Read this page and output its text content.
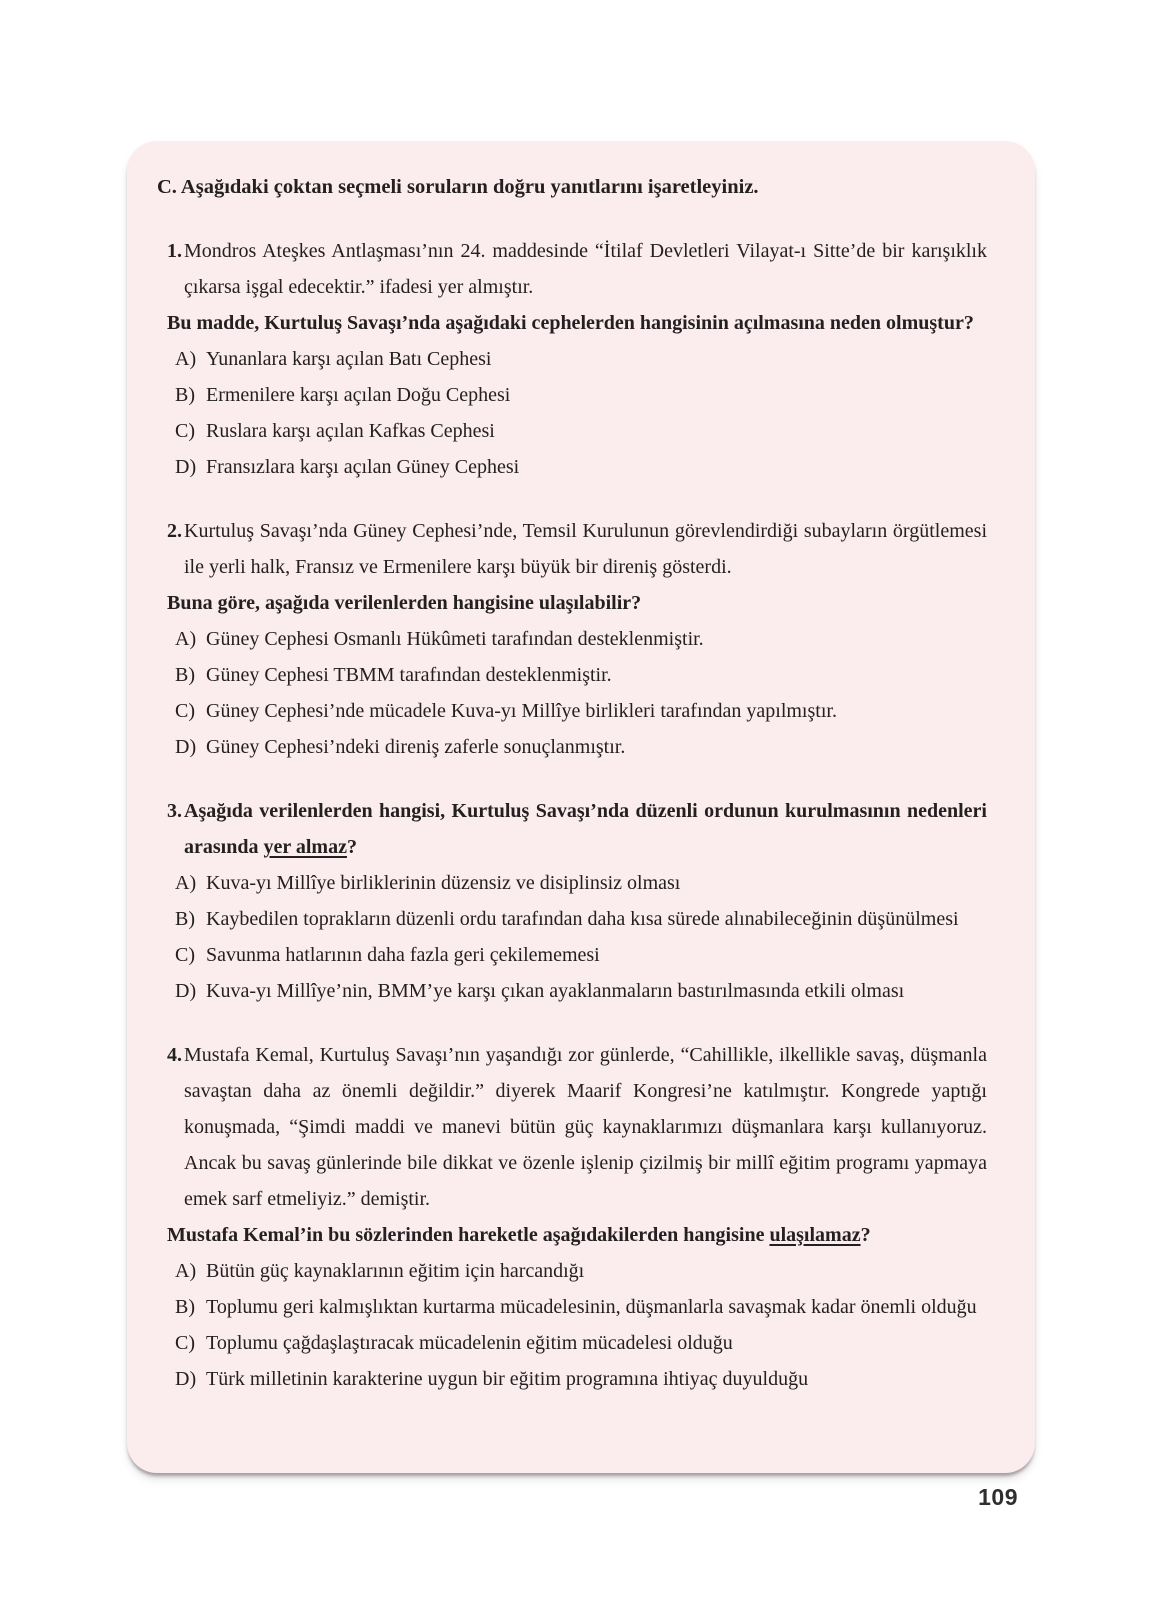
C. Aşağıdaki çoktan seçmeli soruların doğru yanıtlarını işaretleyiniz.

1. Mondros Ateşkes Antlaşması’nın 24. maddesinde “İtilaf Devletleri Vilayat-ı Sitte’de bir karışıklık çıkarsa işgal edecektir.” ifadesi yer almıştır.

Bu madde, Kurtuluş Savaşı’nda aşağıdaki cephelerden hangisinin açılmasına neden olmuştur?

A) Yunanlara karşı açılan Batı Cephesi
B) Ermenilere karşı açılan Doğu Cephesi
C) Ruslara karşı açılan Kafkas Cephesi
D) Fransızlara karşı açılan Güney Cephesi

2. Kurtuluş Savaşı’nda Güney Cephesi’nde, Temsil Kurulunun görevlendirdiği subayların örgütlemesi ile yerli halk, Fransız ve Ermenilere karşı büyük bir direniş gösterdi.

Buna göre, aşağıda verilenlerden hangisine ulaşılabilir?

A) Güney Cephesi Osmanlı Hükûmeti tarafından desteklenmiştir.
B) Güney Cephesi TBMM tarafından desteklenmiştir.
C) Güney Cephesi’nde mücadele Kuva-yı Millîye birlikleri tarafından yapılmıştır.
D) Güney Cephesi’ndeki direniş zaferle sonuçlanmıştır.

3. Aşağıda verilenlerden hangisi, Kurtuluş Savaşı’nda düzenli ordunun kurulmasının nedenleri arasında yer almaz?

A) Kuva-yı Millîye birliklerinin düzensiz ve disiplinsiz olması
B) Kaybedilen toprakların düzenli ordu tarafından daha kısa sürede alınabileceğinin düşünülmesi
C) Savunma hatlarının daha fazla geri çekilememesi
D) Kuva-yı Millîye’nin, BMM’ye karşı çıkan ayaklanmaların bastırılmasında etkili olması

4. Mustafa Kemal, Kurtuluş Savaşı’nın yaşandığı zor günlerde, “Cahillikle, ilkellikle savaş, düşmanla savaştan daha az önemli değildir.” diyerek Maarif Kongresi’ne katılmıştır. Kongrede yaptığı konuşmada, “Şimdi maddi ve manevi bütün güç kaynaklarımızı düşmanlara karşı kullanıyoruz. Ancak bu savaş günlerinde bile dikkat ve özenle işlenip çizilmiş bir millî eğitim programı yapmaya emek sarf etmeliyiz.” demiştir.

Mustafa Kemal’in bu sözlerinden hareketle aşağıdakilerden hangisine ulaşılamaz?

A) Bütün güç kaynaklarının eğitim için harcandığı
B) Toplumu geri kalmışlıktan kurtarma mücadelesinin, düşmanlarla savaşmak kadar önemli olduğu
C) Toplumu çağdaşlaştıracak mücadelenin eğitim mücadelesi olduğu
D) Türk milletinin karakterine uygun bir eğitim programına ihtiyaç duyulduğu
109
